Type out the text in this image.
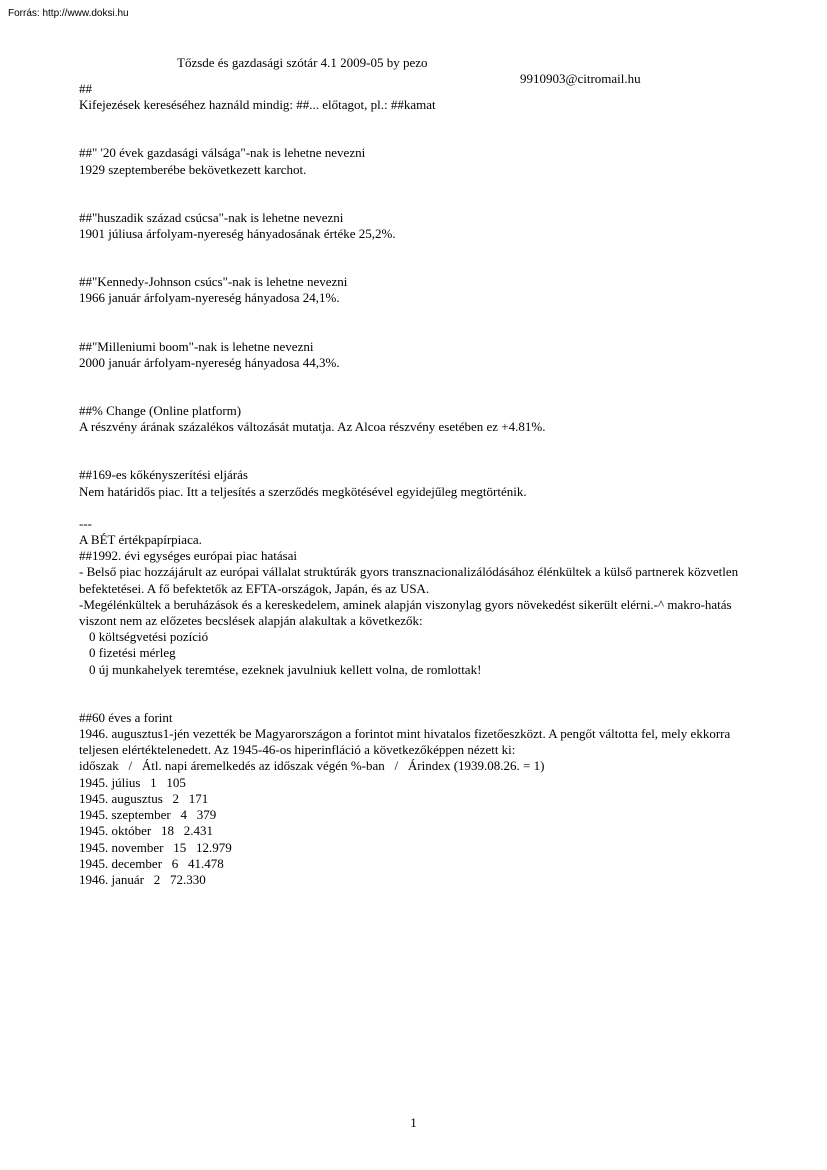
Forrás: http://www.doksi.hu

Tőzsde és gazdasági szótár 4.1 2009-05 by pezo

9910903@citromail.hu

##

Kifejezések kereséséhez haználd mindig: ##... előtagot, pl.: ##kamat

##" '20 évek gazdasági válsága"-nak is lehetne nevezni

1929 szeptemberébe bekövetkezett karchot.

##"huszadik század csúcsa"-nak is lehetne nevezni

1901 júliusa árfolyam-nyereség hányadosának értéke 25,2%.

##"Kennedy-Johnson csúcs"-nak is lehetne nevezni

1966 január árfolyam-nyereség hányadosa 24,1%.

##"Milleniumi boom"-nak is lehetne nevezni

2000 január árfolyam-nyereség hányadosa 44,3%.

##% Change (Online platform)

A részvény árának százalékos változását mutatja. Az Alcoa részvény esetében ez +4.81%.

##169-es kőkényszerítési eljárás

Nem határidős piac. Itt a teljesítés a szerződés megkötésével egyidejűleg megtörténik.

---

A BÉT értékpapírpiaca.

##1992. évi egységes európai piac hatásai

- Belső piac hozzájárult az európai vállalat struktúrák gyors transznacionalizálódásához élénkültek a külső partnerek közvetlen befektetései. A fő befektetők az EFTA-országok, Japán, és az USA.

-Megélénkültek a beruházások és a kereskedelem, aminek alapján viszonylag gyors növekedést sikerült elérni.-^ makro-hatás viszont nem az előzetes becslések alapján alakultak a következők:

0 költségvetési pozíció

0 fizetési mérleg

0 új munkahelyek teremtése, ezeknek javulniuk kellett volna, de romlottak!

##60 éves a forint

1946. augusztus1-jén vezették be Magyarországon a forintot mint hivatalos fizetőeszközt. A pengőt váltotta fel, mely ekkorra teljesen elértéktelenedett. Az 1945-46-os hiperinfláció a következőképpen nézett ki:

időszak   /   Átl. napi áremelkedés az időszak végén %-ban   /   Árindex (1939.08.26. = 1)

1945. július 1 105

1945. augusztus 2 171

1945. szeptember 4 379

1945. október 18 2.431

1945. november 15 12.979

1945. december 6 41.478

1946. január 2 72.330

1
